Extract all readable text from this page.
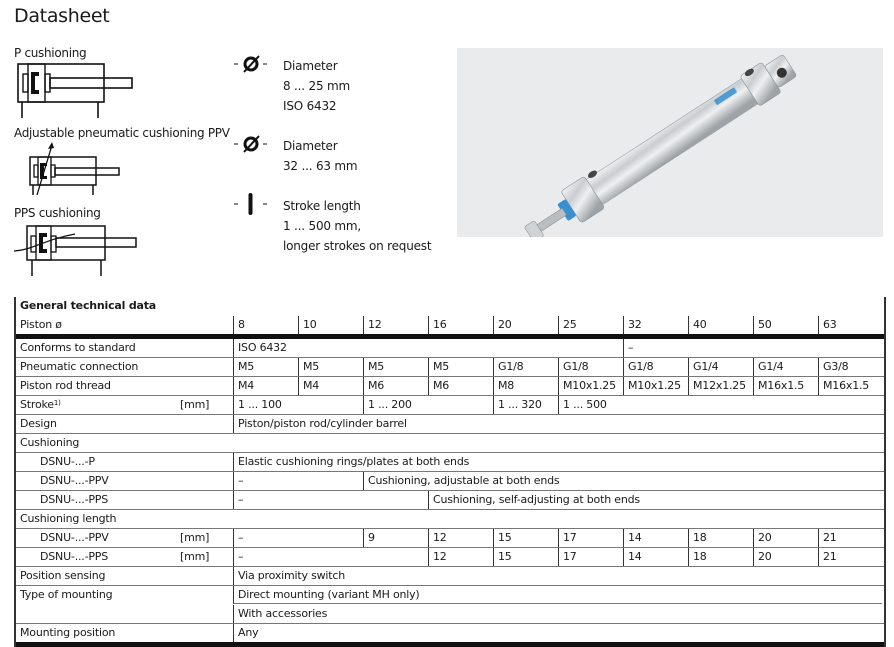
Datasheet
P cushioning
Adjustable pneumatic cushioning PPV
PPS cushioning
Diameter
8 ... 25 mm
ISO 6432
Diameter
32 ... 63 mm
Stroke length
1 ... 500 mm,
longer strokes on request
General technical data
Piston ø	8	10	12	16	20	25	32	40	50	63
Conforms to standard	ISO 6432	–
Pneumatic connection	M5	M5	M5	M5	G1/8	G1/8	G1/8	G1/4	G1/4	G3/8
Piston rod thread	M4	M4	M6	M6	M8	M10x1.25	M10x1.25	M12x1.25	M16x1.5	M16x1.5
Stroke$^{1)}$	[mm]	1 ... 100	1 ... 200	1 ... 320	1 ... 500
Design	Piston/piston rod/cylinder barrel
Cushioning
DSNU-...-P	Elastic cushioning rings/plates at both ends
DSNU-...-PPV	–	Cushioning, adjustable at both ends
DSNU-...-PPS	–	Cushioning, self-adjusting at both ends
Cushioning length
DSNU-...-PPV	[mm]	–	9	12	15	17	14	18	20	21
DSNU-...-PPS	[mm]	–	12	15	17	14	18	20	21
Position sensing	Via proximity switch
Type of mounting	Direct mounting (variant MH only)
With accessories
Mounting position	Any
